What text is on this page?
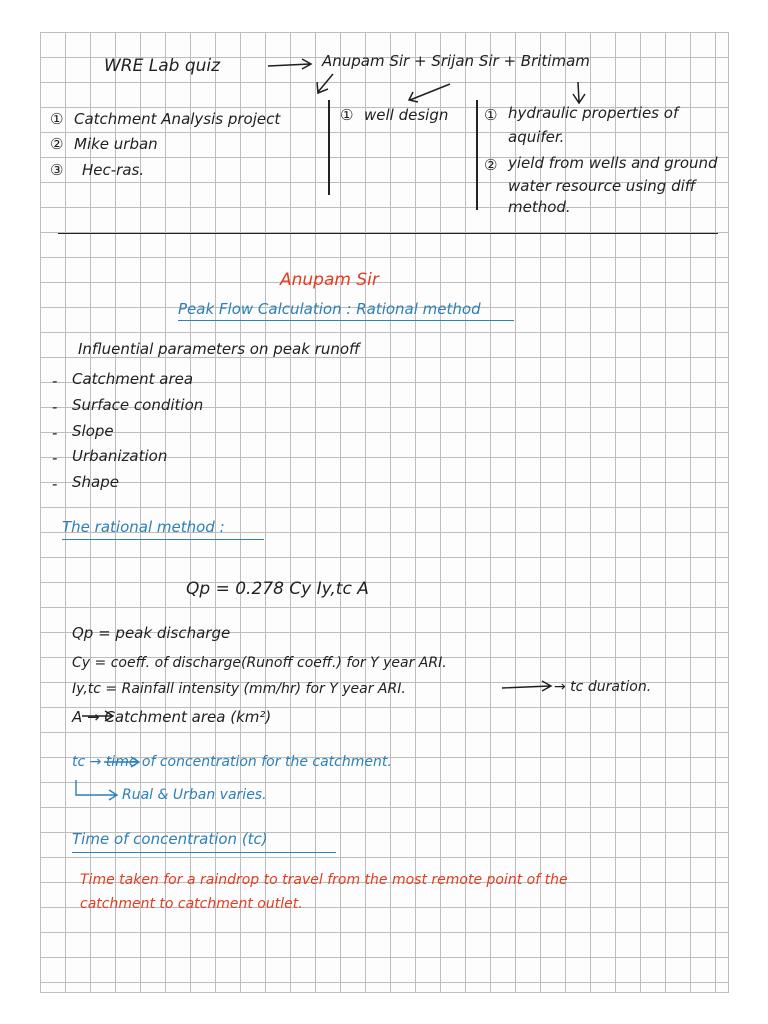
WRE Lab quiz	Anupam Sir + Srijan Sir + Britimam
① Catchment Analysis project
② Mike urban
③ Hec-ras.
① well design ① hydraulic properties of
aquifer.
② yield from wells and ground
water resource using diff
method.
Anupam Sir
Peak Flow Calculation : Rational method
Influential parameters on peak runoff
- Catchment area
- Surface condition
- Slope
- Urbanization
- Shape
The rational method :
Qp = 0.278 Cy Iy,tc A
Qp = peak discharge
Cy = coeff. of discharge(Runoff coeff.) for Y year ARI.
Iy,tc = Rainfall intensity (mm/hr) for Y year ARI.	→ tc duration.
A → Catchment area (km²)
tc → time of concentration for the catchment.
Rual & Urban varies.
Time of concentration (tc)
Time taken for a raindrop to travel from the most remote point of the
catchment to catchment outlet.
